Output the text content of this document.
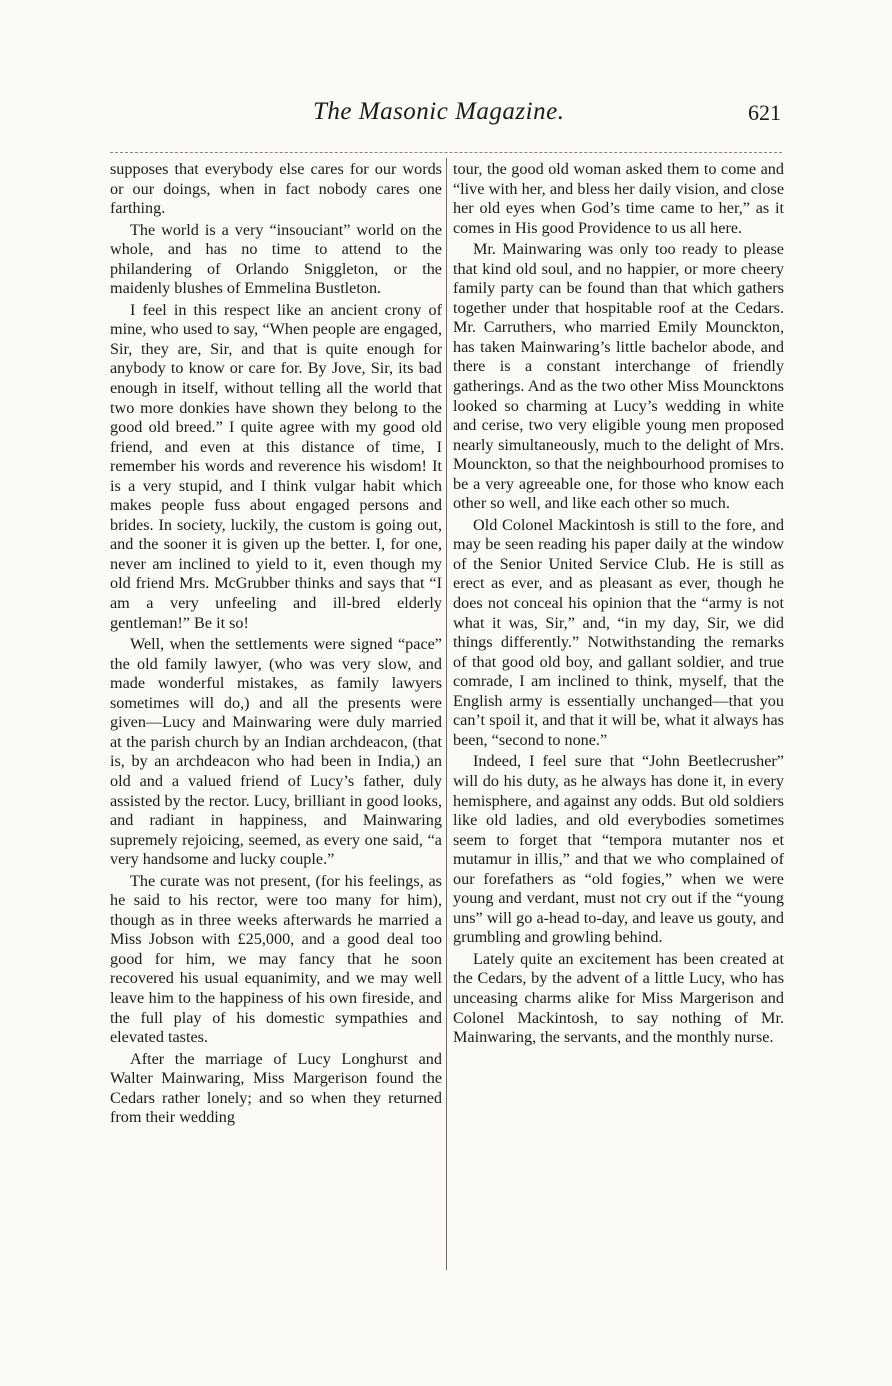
The Masonic Magazine.	621

supposes that everybody else cares for our words or our doings, when in fact nobody cares one farthing.

The world is a very “insouciant” world on the whole, and has no time to attend to the philandering of Orlando Sniggleton, or the maidenly blushes of Emmelina Bustleton.

I feel in this respect like an ancient crony of mine, who used to say, “When people are engaged, Sir, they are, Sir, and that is quite enough for anybody to know or care for. By Jove, Sir, its bad enough in itself, without telling all the world that two more donkies have shown they belong to the good old breed.” I quite agree with my good old friend, and even at this distance of time, I remember his words and reverence his wisdom! It is a very stupid, and I think vulgar habit which makes people fuss about engaged persons and brides. In society, luckily, the custom is going out, and the sooner it is given up the better. I, for one, never am inclined to yield to it, even though my old friend Mrs. McGrubber thinks and says that “I am a very unfeeling and ill-bred elderly gentleman!” Be it so!

Well, when the settlements were signed “pace” the old family lawyer, (who was very slow, and made wonderful mistakes, as family lawyers sometimes will do,) and all the presents were given—Lucy and Mainwaring were duly married at the parish church by an Indian archdeacon, (that is, by an archdeacon who had been in India,) an old and a valued friend of Lucy’s father, duly assisted by the rector. Lucy, brilliant in good looks, and radiant in happiness, and Mainwaring supremely rejoicing, seemed, as every one said, “a very handsome and lucky couple.”

The curate was not present, (for his feelings, as he said to his rector, were too many for him), though as in three weeks afterwards he married a Miss Jobson with £25,000, and a good deal too good for him, we may fancy that he soon recovered his usual equanimity, and we may well leave him to the happiness of his own fireside, and the full play of his domestic sympathies and elevated tastes.

After the marriage of Lucy Longhurst and Walter Mainwaring, Miss Margerison found the Cedars rather lonely; and so when they returned from their wedding

tour, the good old woman asked them to come and “live with her, and bless her daily vision, and close her old eyes when God’s time came to her,” as it comes in His good Providence to us all here.

Mr. Mainwaring was only too ready to please that kind old soul, and no happier, or more cheery family party can be found than that which gathers together under that hospitable roof at the Cedars. Mr. Carruthers, who married Emily Mounckton, has taken Mainwaring’s little bachelor abode, and there is a constant interchange of friendly gatherings. And as the two other Miss Mouncktons looked so charming at Lucy’s wedding in white and cerise, two very eligible young men proposed nearly simultaneously, much to the delight of Mrs. Mounckton, so that the neighbourhood promises to be a very agreeable one, for those who know each other so well, and like each other so much.

Old Colonel Mackintosh is still to the fore, and may be seen reading his paper daily at the window of the Senior United Service Club. He is still as erect as ever, and as pleasant as ever, though he does not conceal his opinion that the “army is not what it was, Sir,” and, “in my day, Sir, we did things differently.” Notwithstanding the remarks of that good old boy, and gallant soldier, and true comrade, I am inclined to think, myself, that the English army is essentially unchanged—that you can’t spoil it, and that it will be, what it always has been, “second to none.”

Indeed, I feel sure that “John Beetlecrusher” will do his duty, as he always has done it, in every hemisphere, and against any odds. But old soldiers like old ladies, and old everybodies sometimes seem to forget that “tempora mutanter nos et mutamur in illis,” and that we who complained of our forefathers as “old fogies,” when we were young and verdant, must not cry out if the “young uns” will go a-head to-day, and leave us gouty, and grumbling and growling behind.

Lately quite an excitement has been created at the Cedars, by the advent of a little Lucy, who has unceasing charms alike for Miss Margerison and Colonel Mackintosh, to say nothing of Mr. Mainwaring, the servants, and the monthly nurse.
